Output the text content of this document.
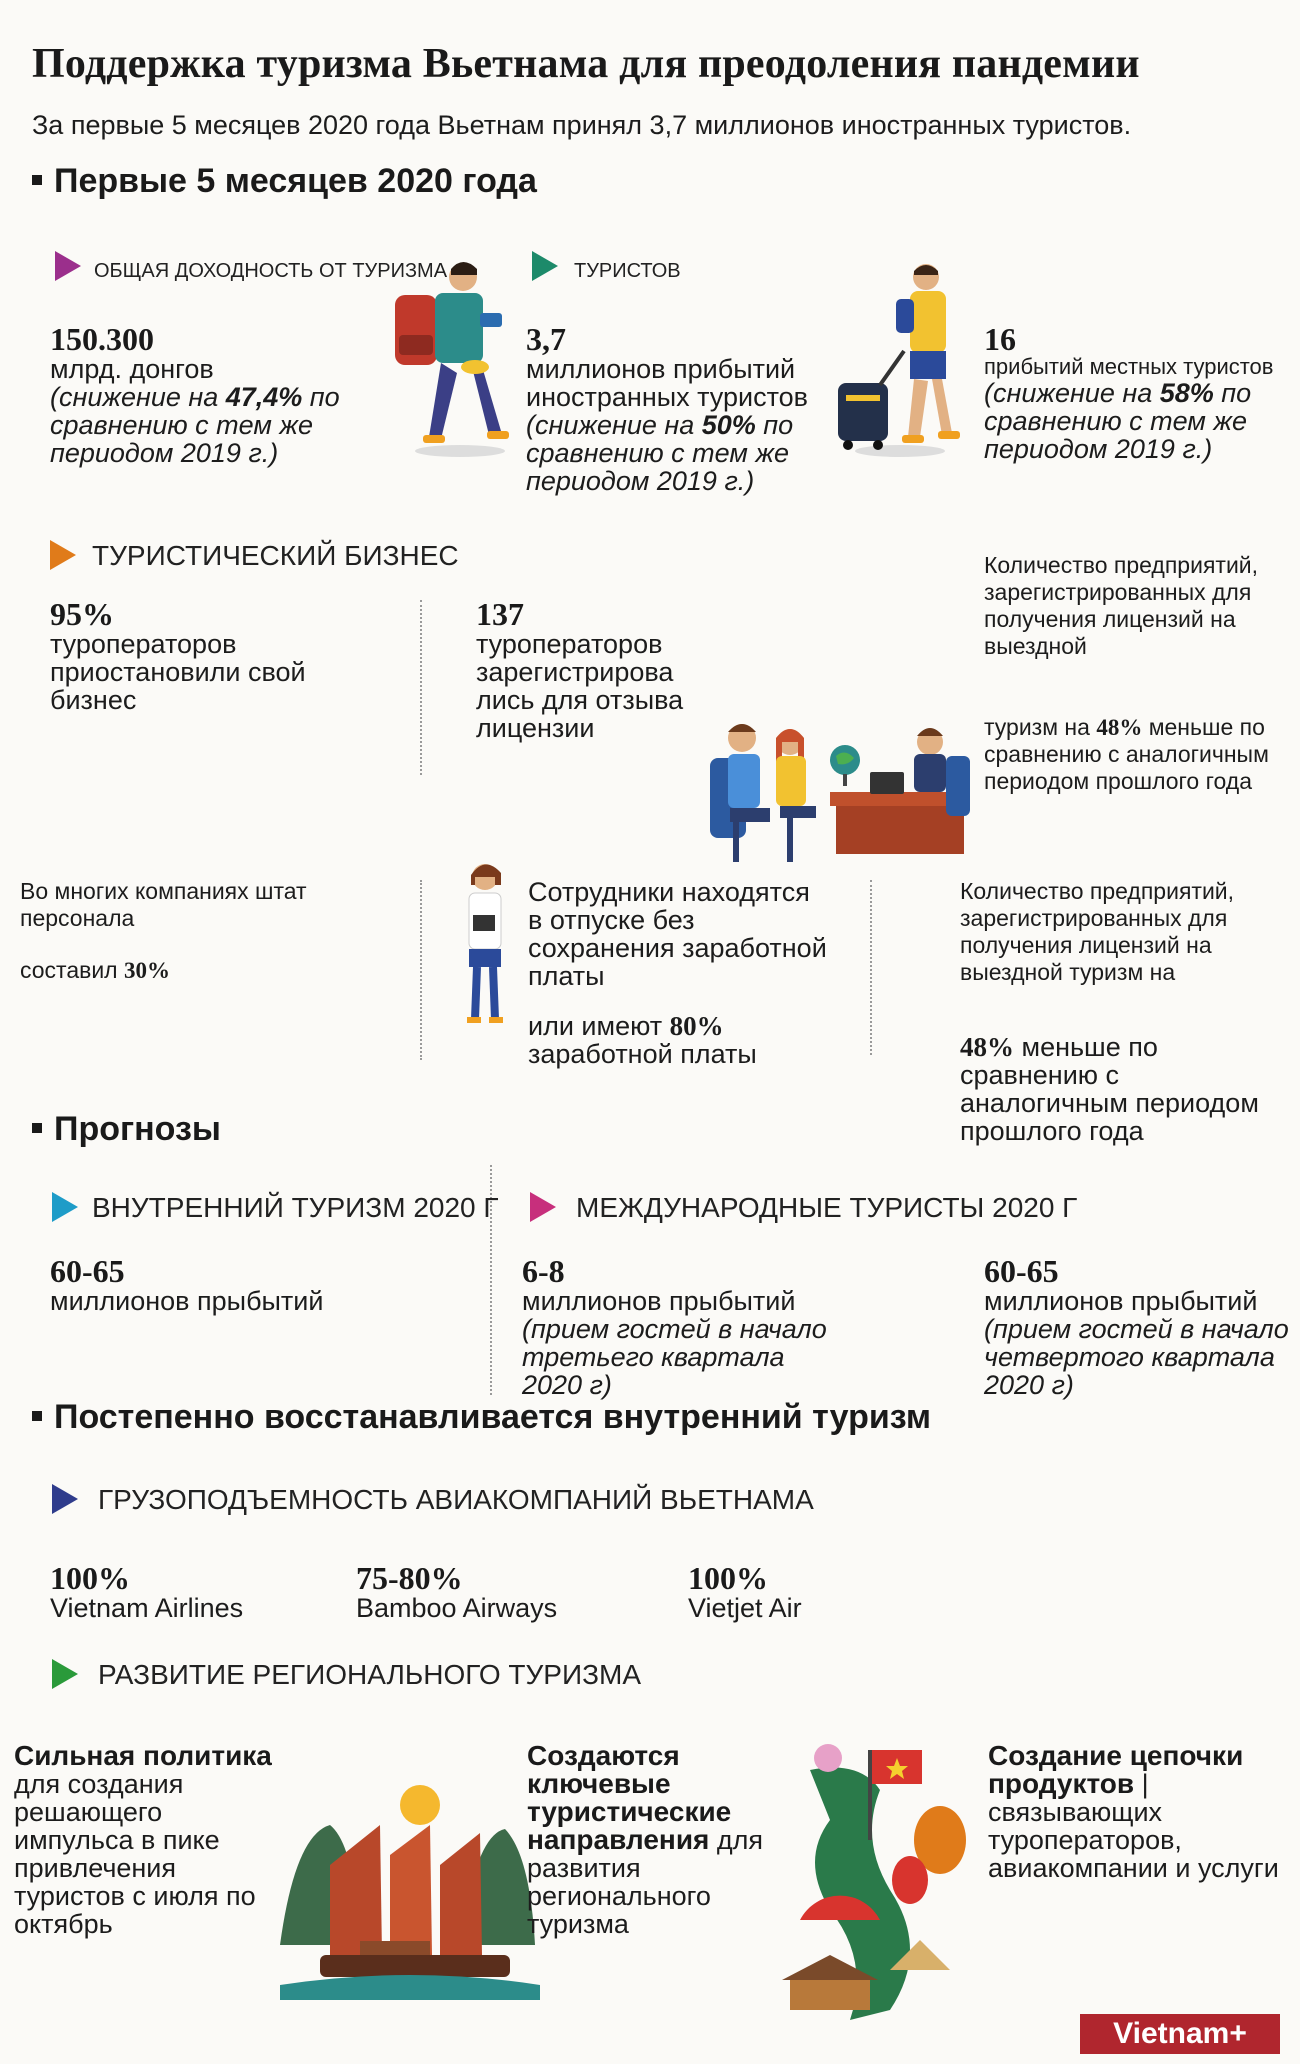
Поддержка туризма Вьетнама для преодоления пандемии
За первые 5 месяцев 2020 года Вьетнам принял 3,7 миллионов иностранных туристов.
Первые 5 месяцев 2020 года
ОБЩАЯ ДОХОДНОСТЬ ОТ ТУРИЗМА
150.300
млрд. донгов
(снижение на 47,4% по сравнению с тем же периодом 2019 г.)
ТУРИСТОВ
3,7
миллионов прибытий иностранных туристов
(снижение на 50% по сравнению с тем же периодом 2019 г.)
16
прибытий местных туристов
(снижение на 58% по сравнению с тем же периодом 2019 г.)
ТУРИСТИЧЕСКИЙ БИЗНЕС
95%
туроператоров приостановили свой бизнес
137
туроператоров зарегистрирова лись для отзыва лицензии
Количество предприятий, зарегистрированных для получения лицензий на выездной
туризм на 48% меньше по сравнению с аналогичным периодом прошлого года
Во многих компаниях штат персонала
составил 30%
Сотрудники находятся в отпуске без сохранения заработной платы
или имеют 80%
заработной платы
Количество предприятий, зарегистрированных для получения лицензий на выездной туризм на
48% меньше по сравнению с аналогичным периодом прошлого года
Прогнозы
ВНУТРЕННИЙ ТУРИЗМ 2020 Г
60-65
миллионов прыбытий
МЕЖДУНАРОДНЫЕ ТУРИСТЫ 2020 Г
6-8
миллионов прыбытий
(прием гостей в начало третьего квартала 2020 г)
60-65
миллионов прыбытий
(прием гостей в начало четвертого квартала 2020 г)
Постепенно восстанавливается внутренний туризм
ГРУЗОПОДЪЕМНОСТЬ АВИАКОМПАНИЙ ВЬЕТНАМА
100%
Vietnam Airlines
75-80%
Bamboo Airways
100%
Vietjet Air
РАЗВИТИЕ РЕГИОНАЛЬНОГО ТУРИЗМА
Сильная политика для создания решающего импульса в пике привлечения туристов с июля по октябрь
Создаются ключевые туристические направления для развития регионального туризма
Создание цепочки продуктов | связывающих туроператоров, авиакомпании и услуги
Vietnam+
